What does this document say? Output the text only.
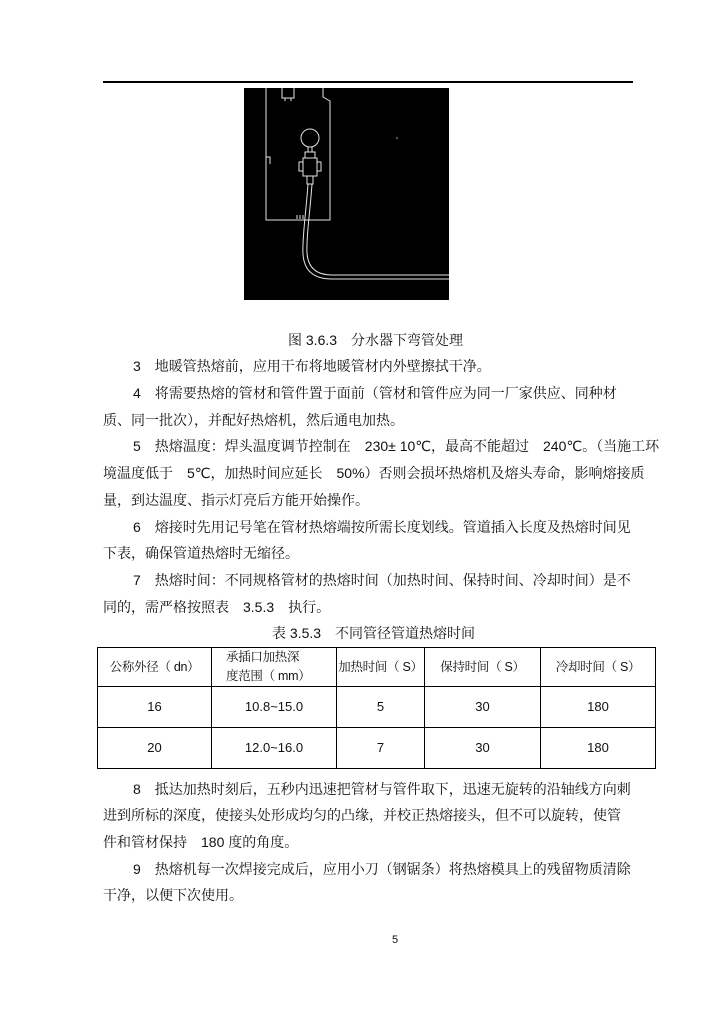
图 3.6.3　分水器下弯管处理
3　地暖管热熔前，应用干布将地暖管材内外壁擦拭干净。
4　将需要热熔的管材和管件置于面前（管材和管件应为同一厂家供应、同种材
质、同一批次），并配好热熔机，然后通电加热。
5　热熔温度：焊头温度调节控制在　230± 10℃，最高不能超过　240℃。（当施工环
境温度低于　5℃，加热时间应延长　50%）否则会损坏热熔机及熔头寿命，影响熔接质
量，到达温度、指示灯亮后方能开始操作。
6　熔接时先用记号笔在管材热熔端按所需长度划线。管道插入长度及热熔时间见
下表，确保管道热熔时无缩径。
7　热熔时间：不同规格管材的热熔时间（加热时间、保持时间、冷却时间）是不
同的，需严格按照表　3.5.3　执行。
表 3.5.3　不同管径管道热熔时间
公称外径（ dn）	承插口加热深
度范围（ mm）	加热时间（ S）	保持时间（ S）	冷却时间（ S）
16	10.8~15.0	5	30	180
20	12.0~16.0	7	30	180
8　抵达加热时刻后，五秒内迅速把管材与管件取下，迅速无旋转的沿轴线方向刺
进到所标的深度，使接头处形成均匀的凸缘，并校正热熔接头，但不可以旋转，使管
件和管材保持　180 度的角度。
9　热熔机每一次焊接完成后，应用小刀（钢锯条）将热熔模具上的残留物质清除
干净，以便下次使用。
5
